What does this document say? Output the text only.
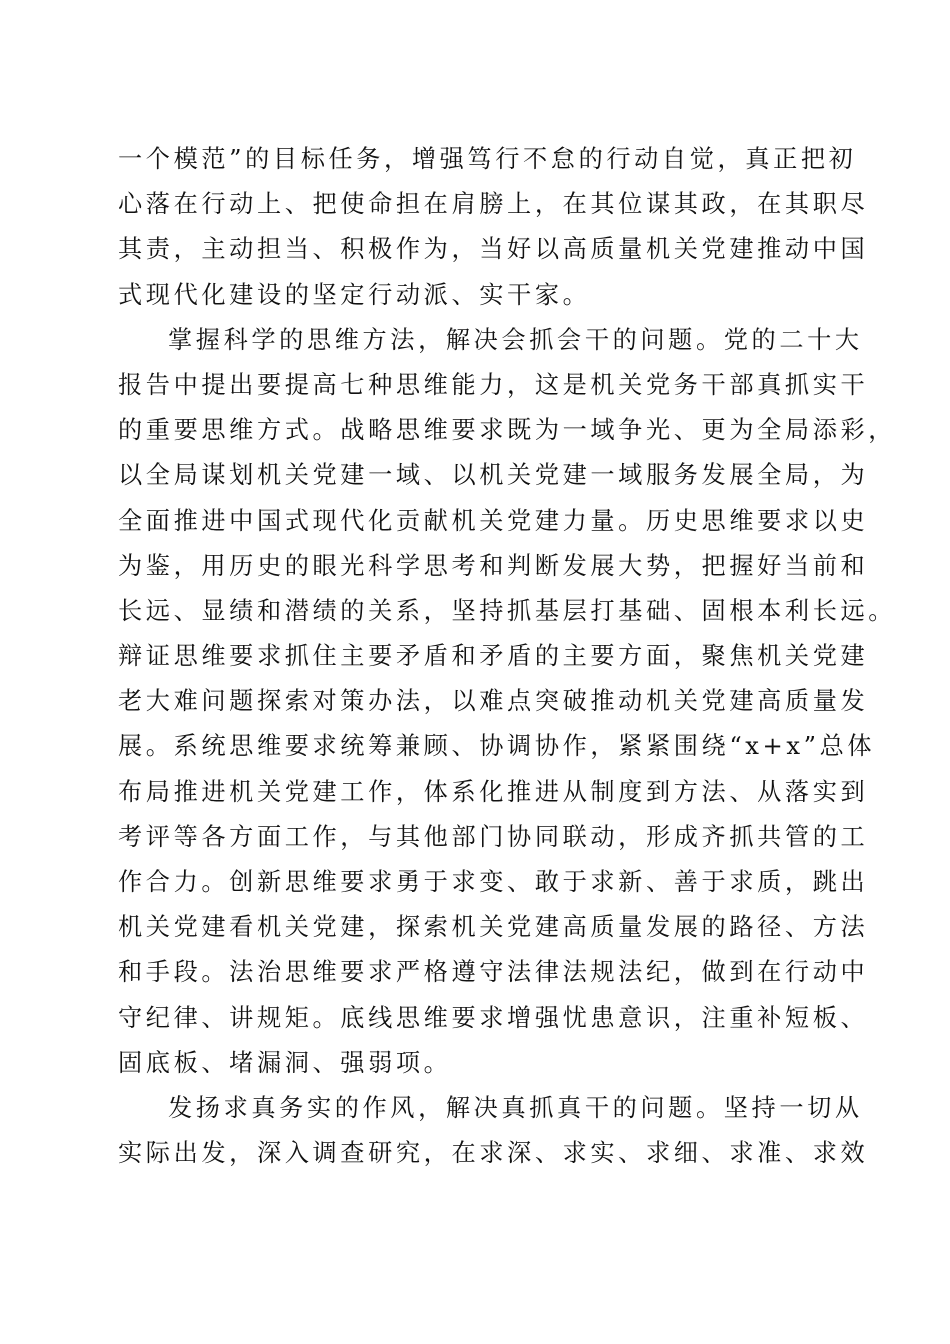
一个模范”的目标任务，增强笃行不怠的行动自觉，真正把初
心落在行动上、把使命担在肩膀上，在其位谋其政，在其职尽
其责，主动担当、积极作为，当好以高质量机关党建推动中国
式现代化建设的坚定行动派、实干家。
掌握科学的思维方法，解决会抓会干的问题。党的二十大
报告中提出要提高七种思维能力，这是机关党务干部真抓实干
的重要思维方式。战略思维要求既为一域争光、更为全局添彩，
以全局谋划机关党建一域、以机关党建一域服务发展全局，为
全面推进中国式现代化贡献机关党建力量。历史思维要求以史
为鉴，用历史的眼光科学思考和判断发展大势，把握好当前和
长远、显绩和潜绩的关系，坚持抓基层打基础、固根本利长远。
辩证思维要求抓住主要矛盾和矛盾的主要方面，聚焦机关党建
老大难问题探索对策办法，以难点突破推动机关党建高质量发
展。系统思维要求统筹兼顾、协调协作，紧紧围绕“x+x”总体
布局推进机关党建工作，体系化推进从制度到方法、从落实到
考评等各方面工作，与其他部门协同联动，形成齐抓共管的工
作合力。创新思维要求勇于求变、敢于求新、善于求质，跳出
机关党建看机关党建，探索机关党建高质量发展的路径、方法
和手段。法治思维要求严格遵守法律法规法纪，做到在行动中
守纪律、讲规矩。底线思维要求增强忧患意识，注重补短板、
固底板、堵漏洞、强弱项。
发扬求真务实的作风，解决真抓真干的问题。坚持一切从
实际出发，深入调查研究，在求深、求实、求细、求准、求效
